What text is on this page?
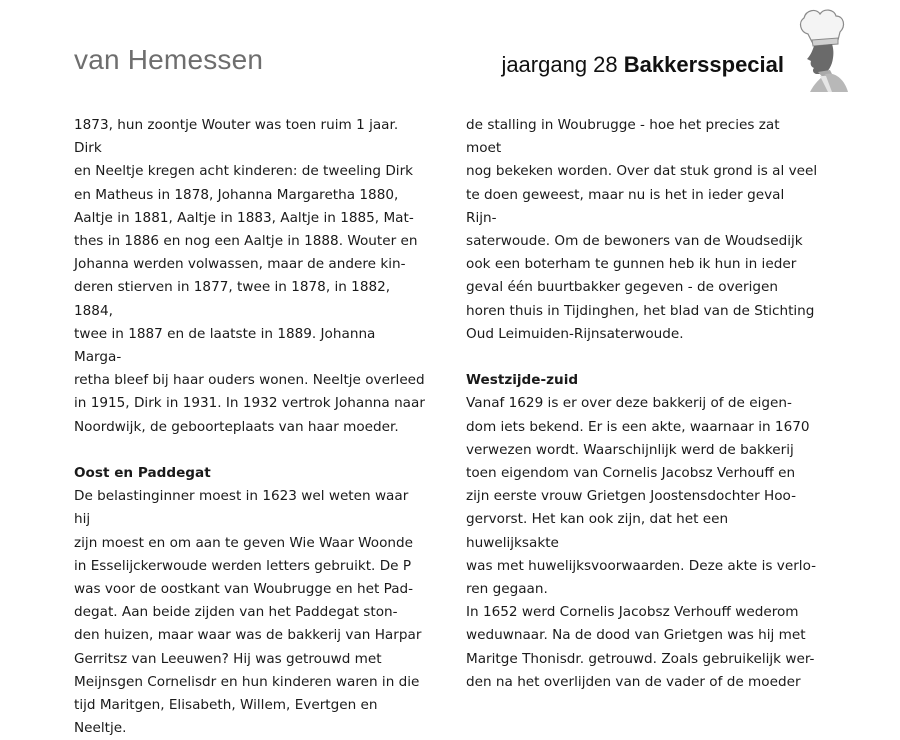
van Hemessen	jaargang 28 Bakkersspecial

1873, hun zoontje Wouter was toen ruim 1 jaar. Dirk
en Neeltje kregen acht kinderen: de tweeling Dirk
en Matheus in 1878, Johanna Margaretha 1880,
Aaltje in 1881, Aaltje in 1883, Aaltje in 1885, Mat-
thes in 1886 en nog een Aaltje in 1888. Wouter en
Johanna werden volwassen, maar de andere kin-
deren stierven in 1877, twee in 1878, in 1882, 1884,
twee in 1887 en de laatste in 1889. Johanna Marga-
retha bleef bij haar ouders wonen. Neeltje overleed
in 1915, Dirk in 1931. In 1932 vertrok Johanna naar
Noordwijk, de geboorteplaats van haar moeder.

Oost en Paddegat

De belastinginner moest in 1623 wel weten waar hij
zijn moest en om aan te geven Wie Waar Woonde
in Esselijckerwoude werden letters gebruikt. De P
was voor de oostkant van Woubrugge en het Pad-
degat. Aan beide zijden van het Paddegat ston-
den huizen, maar waar was de bakkerij van Harpar
Gerritsz van Leeuwen? Hij was getrouwd met
Meijnsgen Cornelisdr en hun kinderen waren in die
tijd Maritgen, Elisabeth, Willem, Evertgen en Neeltje.

de stalling in Woubrugge - hoe het precies zat moet
nog bekeken worden. Over dat stuk grond is al veel
te doen geweest, maar nu is het in ieder geval Rijn-
saterwoude. Om de bewoners van de Woudsedijk
ook een boterham te gunnen heb ik hun in ieder
geval één buurtbakker gegeven - de overigen
horen thuis in Tijdinghen, het blad van de Stichting
Oud Leimuiden-Rijnsaterwoude.

Westzijde-zuid

Vanaf 1629 is er over deze bakkerij of de eigen-
dom iets bekend. Er is een akte, waarnaar in 1670
verwezen wordt. Waarschijnlijk werd de bakkerij
toen eigendom van Cornelis Jacobsz Verhouff en
zijn eerste vrouw Grietgen Joostensdochter Hoo-
gervorst. Het kan ook zijn, dat het een huwelijksakte
was met huwelijksvoorwaarden. Deze akte is verlo-
ren gegaan.

In 1652 werd Cornelis Jacobsz Verhouff wederom
weduwnaar. Na de dood van Grietgen was hij met
Maritge Thonisdr. getrouwd. Zoals gebruikelijk wer-
den na het overlijden van de vader of de moeder
